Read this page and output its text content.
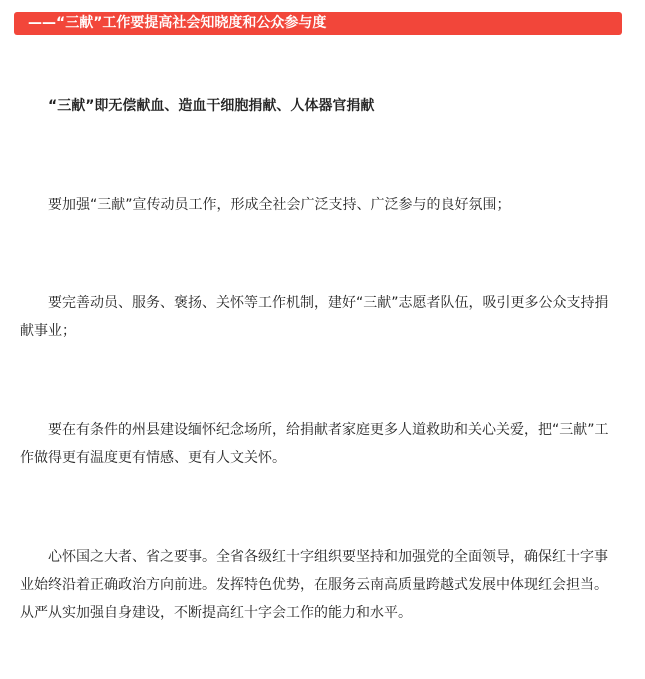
——“三献”工作要提高社会知晓度和公众参与度

“三献”即无偿献血、造血干细胞捐献、人体器官捐献

要加强“三献”宣传动员工作，形成全社会广泛支持、广泛参与的良好氛围；

要完善动员、服务、褒扬、关怀等工作机制，建好“三献”志愿者队伍，吸引更多公众支持捐献事业；

要在有条件的州县建设缅怀纪念场所，给捐献者家庭更多人道救助和关心关爱，把“三献”工作做得更有温度更有情感、更有人文关怀。

心怀国之大者、省之要事。全省各级红十字组织要坚持和加强党的全面领导，确保红十字事业始终沿着正确政治方向前进。发挥特色优势，在服务云南高质量跨越式发展中体现红会担当。从严从实加强自身建设，不断提高红十字会工作的能力和水平。
